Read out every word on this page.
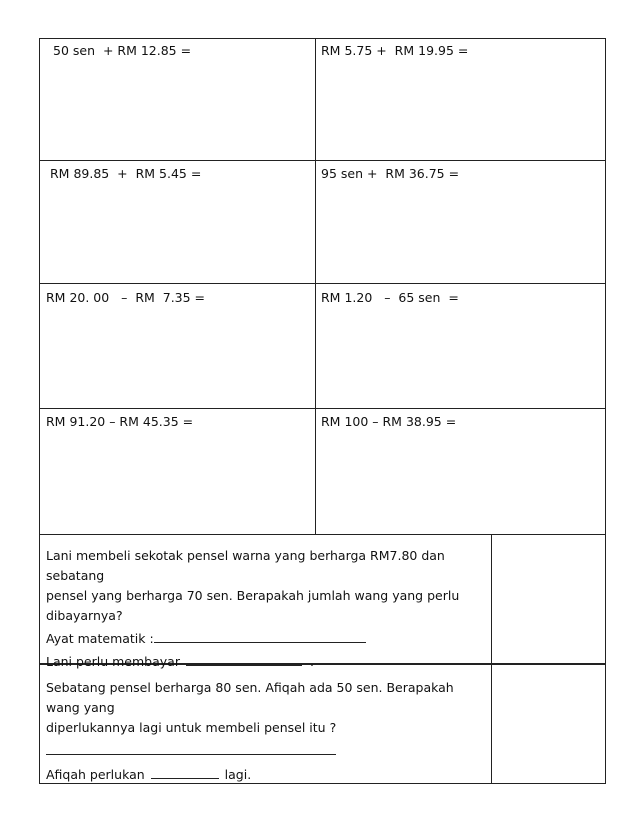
50 sen  + RM 12.85 =	RM 5.75 +  RM 19.95 =
RM 89.85  +  RM 5.45 =	95 sen +  RM 36.75 =
RM 20. 00   –  RM  7.35 =	RM 1.20   –  65 sen  =
RM 91.20 – RM 45.35 =	RM 100 – RM 38.95 =
Lani membeli sekotak pensel warna yang berharga RM7.80 dan sebatang
pensel yang berharga 70 sen. Berapakah jumlah wang yang perlu
dibayarnya?
Ayat matematik :
Lani perlu membayar	.
Sebatang pensel berharga 80 sen. Afiqah ada 50 sen. Berapakah wang yang
diperlukannya lagi untuk membeli pensel itu ?
Afiqah perlukan	lagi.
